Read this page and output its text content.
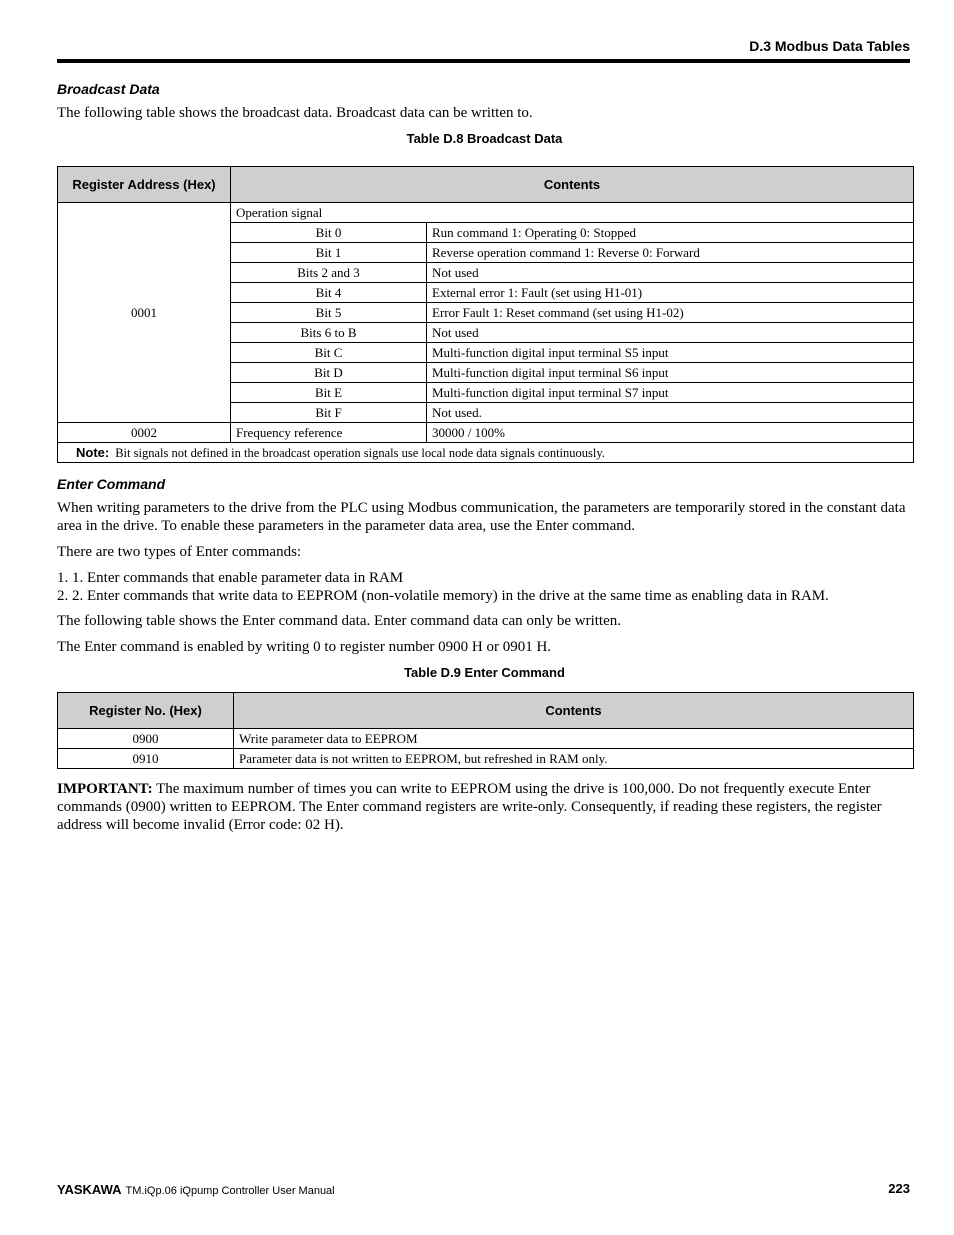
D.3 Modbus Data Tables
Broadcast Data
The following table shows the broadcast data. Broadcast data can be written to.
Table D.8 Broadcast Data
Register Address (Hex)	Contents	
0001	Operation signal	
	Bit 0	Run command 1: Operating 0: Stopped
	Bit 1	Reverse operation command 1: Reverse 0: Forward
	Bits 2 and 3	Not used
	Bit 4	External error 1: Fault (set using H1-01)
	Bit 5	Error Fault 1: Reset command (set using H1-02)
	Bits 6 to B	Not used
	Bit C	Multi-function digital input terminal S5 input
	Bit D	Multi-function digital input terminal S6 input
	Bit E	Multi-function digital input terminal S7 input
	Bit F	Not used.
0002	Frequency reference	30000 / 100%
Note: Bit signals not defined in the broadcast operation signals use local node data signals continuously.		
Enter Command
When writing parameters to the drive from the PLC using Modbus communication, the parameters are temporarily stored in the constant data area in the drive. To enable these parameters in the parameter data area, use the Enter command.
There are two types of Enter commands:
1. 1. Enter commands that enable parameter data in RAM
2. 2. Enter commands that write data to EEPROM (non-volatile memory) in the drive at the same time as enabling data in RAM.
The following table shows the Enter command data. Enter command data can only be written.
The Enter command is enabled by writing 0 to register number 0900 H or 0901 H.
Table D.9 Enter Command
Register No. (Hex)	Contents
0900	Write parameter data to EEPROM
0910	Parameter data is not written to EEPROM, but refreshed in RAM only.
IMPORTANT: The maximum number of times you can write to EEPROM using the drive is 100,000. Do not frequently execute Enter commands (0900) written to EEPROM. The Enter command registers are write-only. Consequently, if reading these registers, the register address will become invalid (Error code: 02 H).
YASKAWA TM.iQp.06 iQpump Controller User Manual	223
